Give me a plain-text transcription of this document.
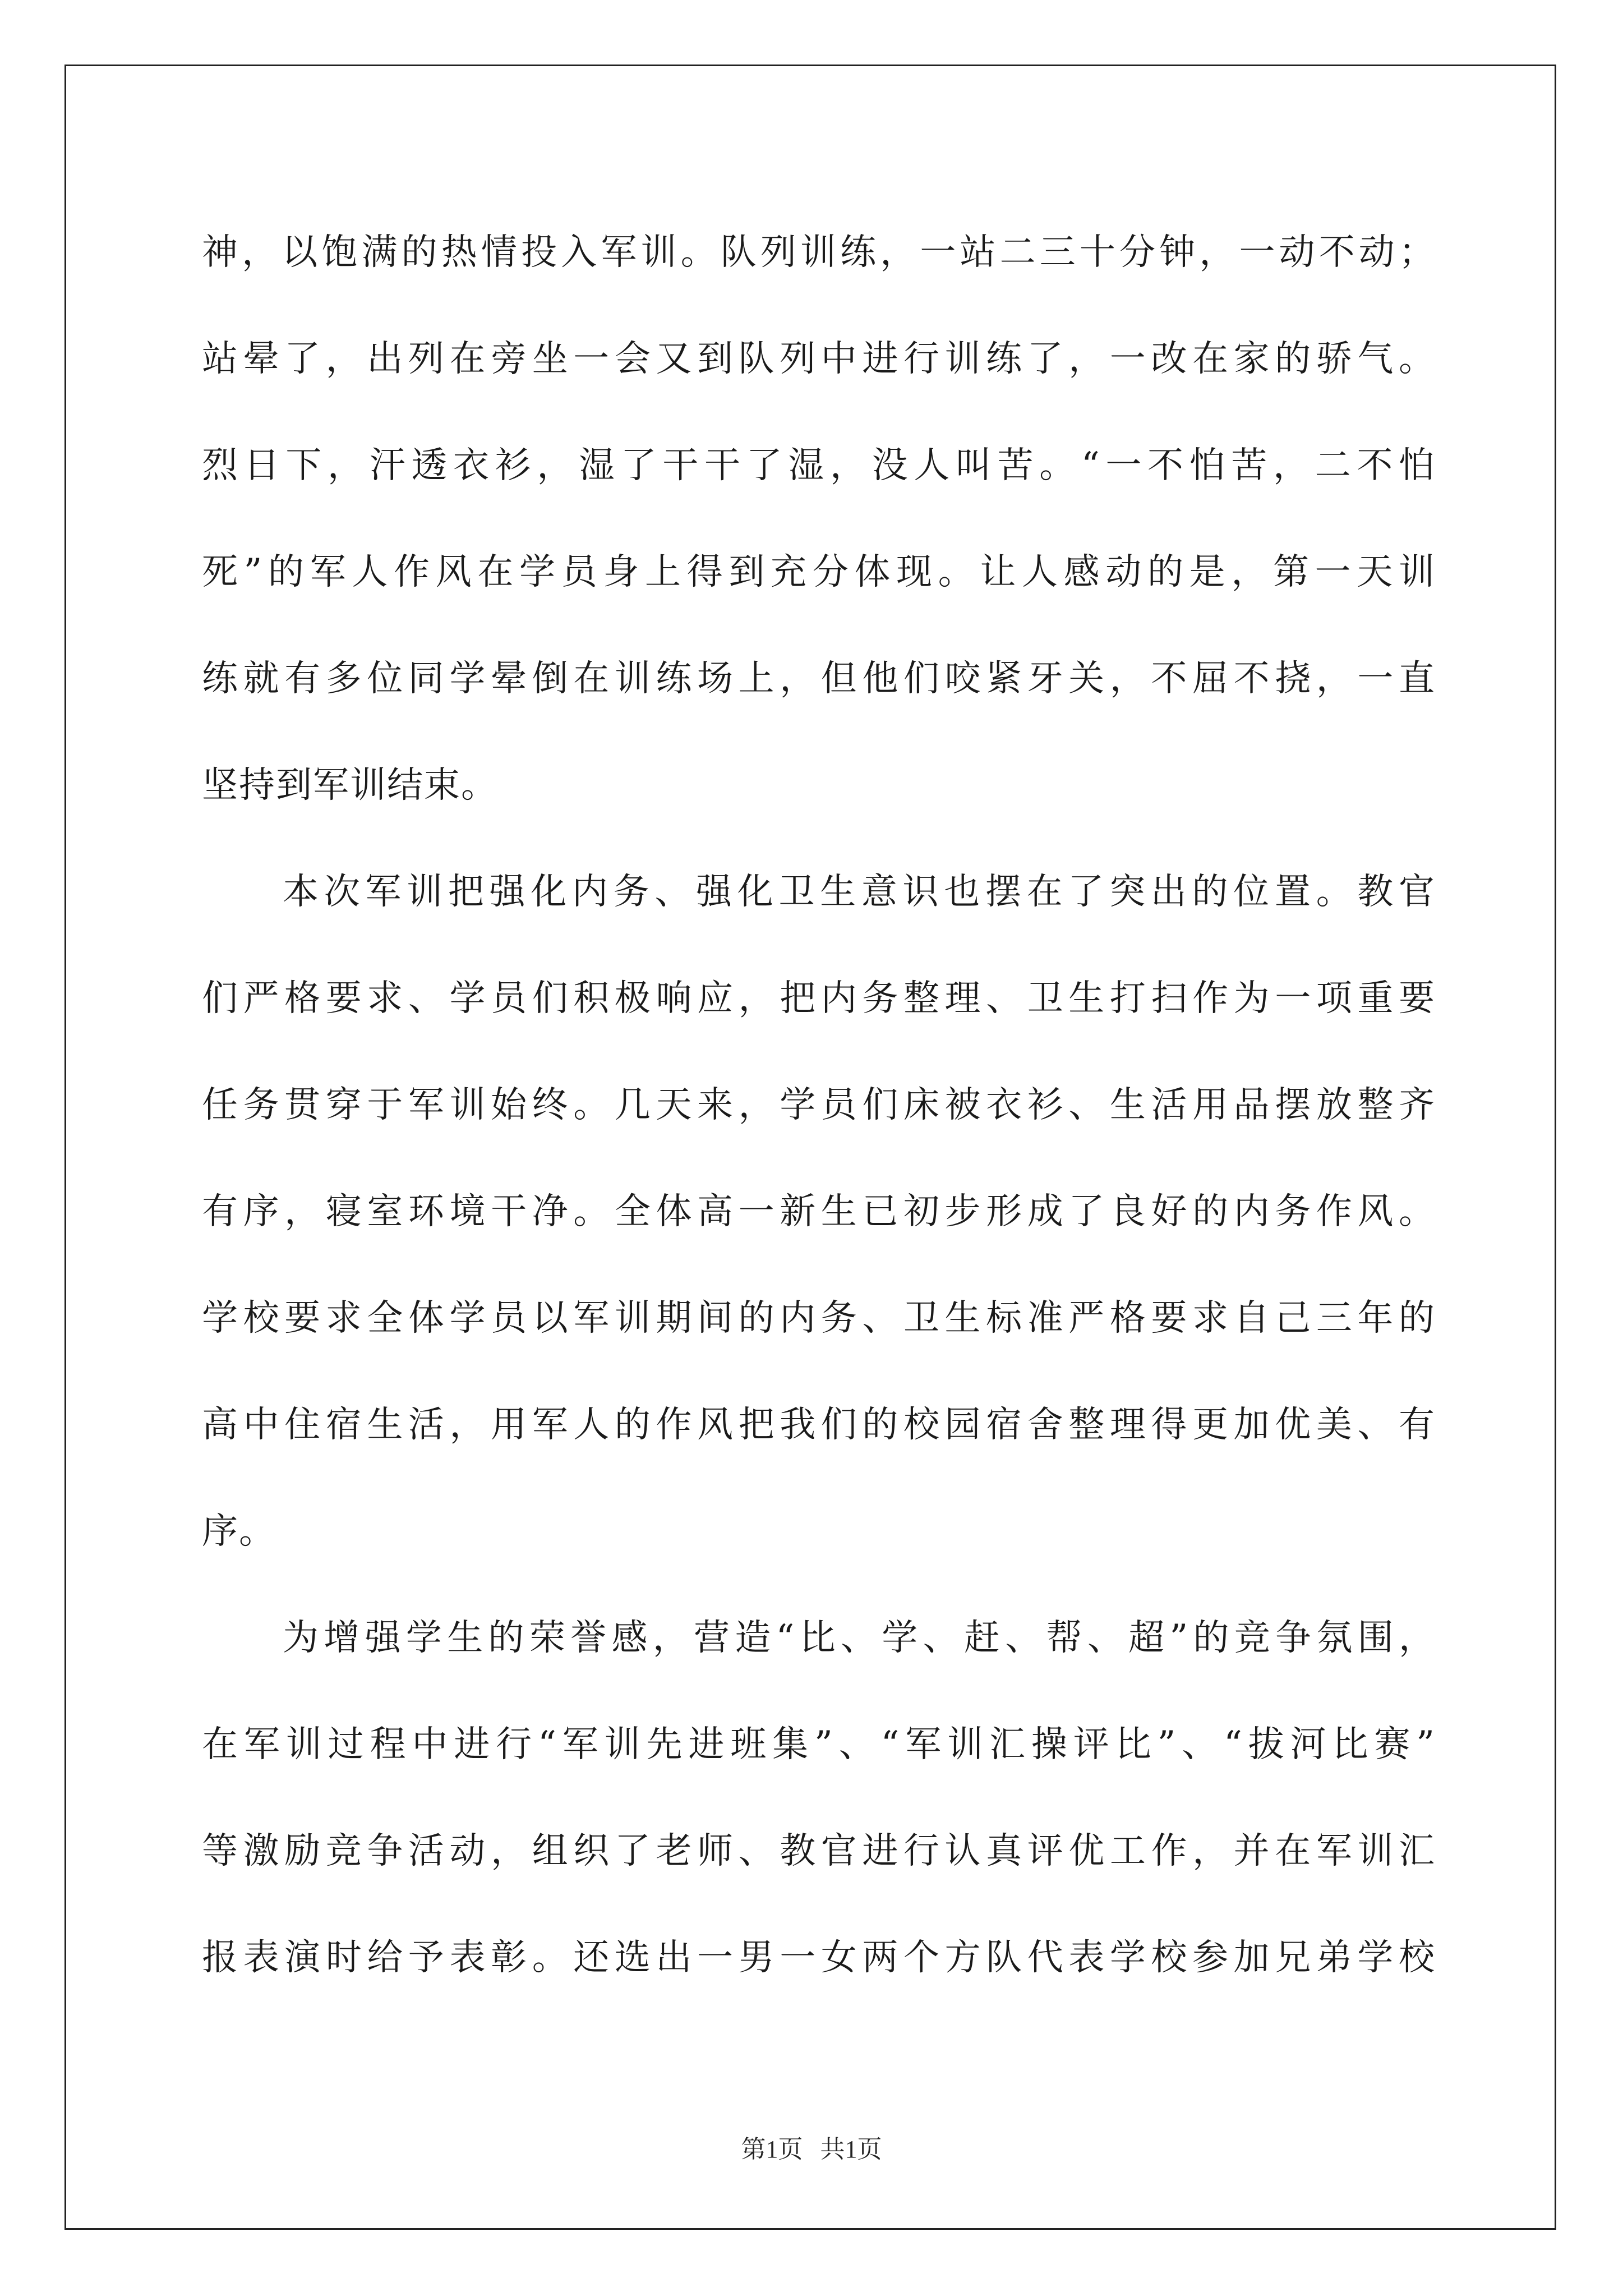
神，以饱满的热情投入军训。队列训练，一站二三十分钟，一动不动；
站晕了，出列在旁坐一会又到队列中进行训练了，一改在家的骄气。
烈日下，汗透衣衫，湿了干干了湿，没人叫苦。“一不怕苦，二不怕
死”的军人作风在学员身上得到充分体现。让人感动的是，第一天训
练就有多位同学晕倒在训练场上，但他们咬紧牙关，不屈不挠，一直
坚持到军训结束。
本次军训把强化内务、强化卫生意识也摆在了突出的位置。教官
们严格要求、学员们积极响应，把内务整理、卫生打扫作为一项重要
任务贯穿于军训始终。几天来，学员们床被衣衫、生活用品摆放整齐
有序，寝室环境干净。全体高一新生已初步形成了良好的内务作风。
学校要求全体学员以军训期间的内务、卫生标准严格要求自己三年的
高中住宿生活，用军人的作风把我们的校园宿舍整理得更加优美、有
序。
为增强学生的荣誉感，营造“比、学、赶、帮、超”的竞争氛围，
在军训过程中进行“军训先进班集”、“军训汇操评比”、“拔河比赛”
等激励竞争活动，组织了老师、教官进行认真评优工作，并在军训汇
报表演时给予表彰。还选出一男一女两个方队代表学校参加兄弟学校
第1页 共1页
